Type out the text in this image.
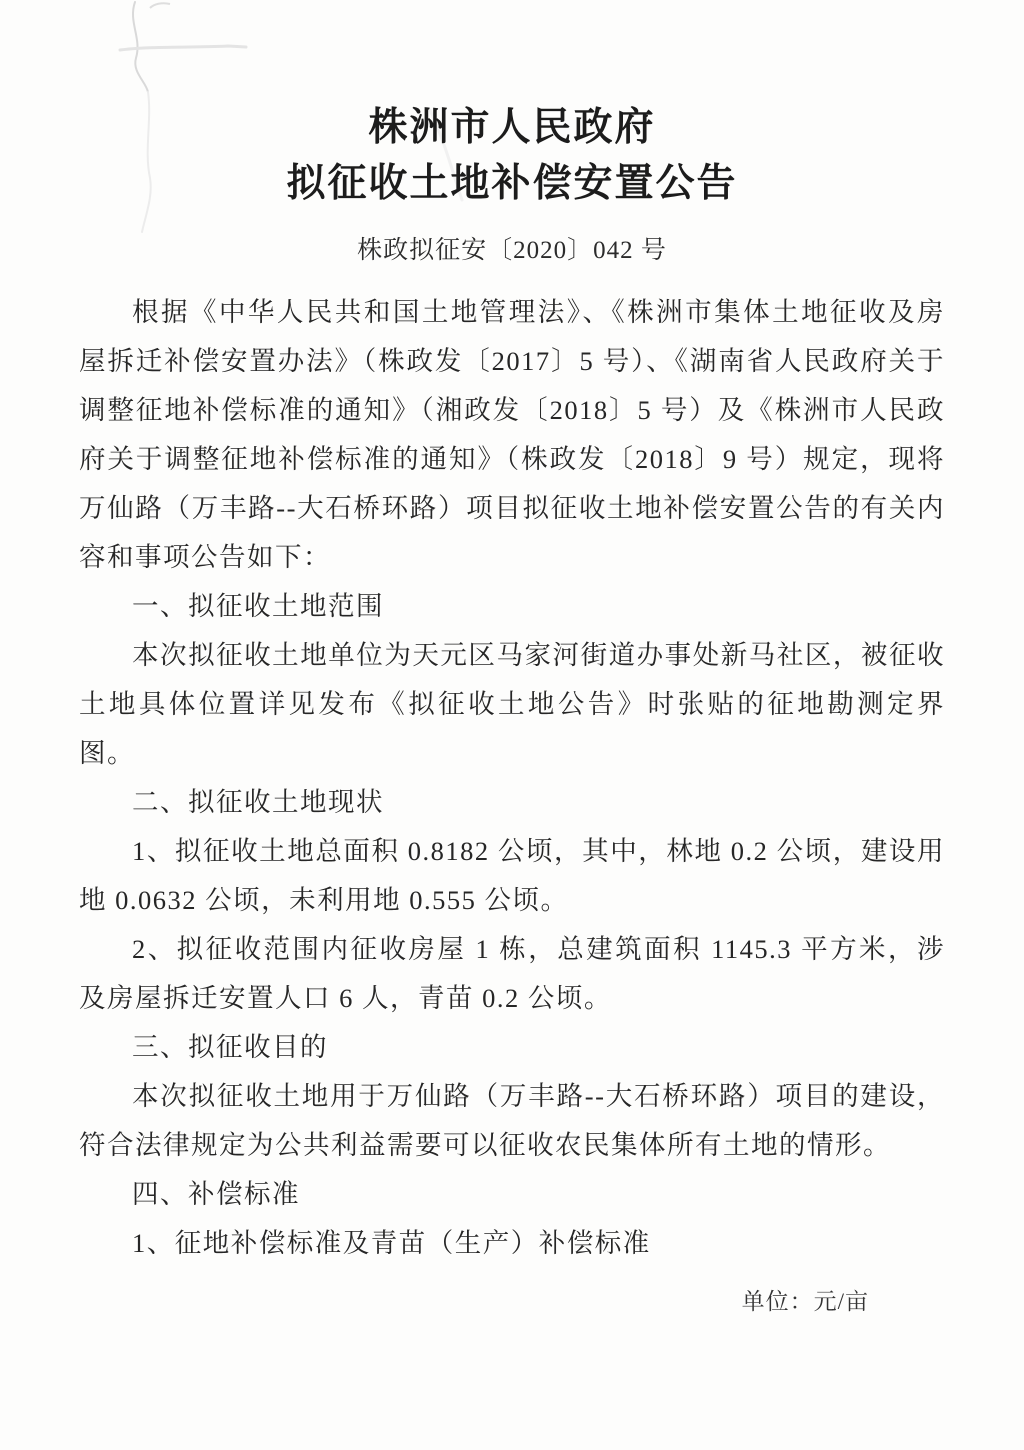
株洲市人民政府
拟征收土地补偿安置公告
株政拟征安〔2020〕042 号

根据《中华人民共和国土地管理法》、《株洲市集体土地征收及房屋拆迁补偿安置办法》（株政发〔2017〕5 号）、《湖南省人民政府关于调整征地补偿标准的通知》（湘政发〔2018〕5 号）及《株洲市人民政府关于调整征地补偿标准的通知》（株政发〔2018〕9 号）规定，现将万仙路（万丰路--大石桥环路）项目拟征收土地补偿安置公告的有关内容和事项公告如下：

一、拟征收土地范围

本次拟征收土地单位为天元区马家河街道办事处新马社区，被征收土地具体位置详见发布《拟征收土地公告》时张贴的征地勘测定界图。

二、拟征收土地现状

1、拟征收土地总面积 0.8182 公顷，其中，林地 0.2 公顷，建设用地 0.0632 公顷，未利用地 0.555 公顷。

2、拟征收范围内征收房屋 1 栋，总建筑面积 1145.3 平方米，涉及房屋拆迁安置人口 6 人，青苗 0.2 公顷。

三、拟征收目的

本次拟征收土地用于万仙路（万丰路--大石桥环路）项目的建设，符合法律规定为公共利益需要可以征收农民集体所有土地的情形。

四、补偿标准

1、征地补偿标准及青苗（生产）补偿标准

单位：元/亩
